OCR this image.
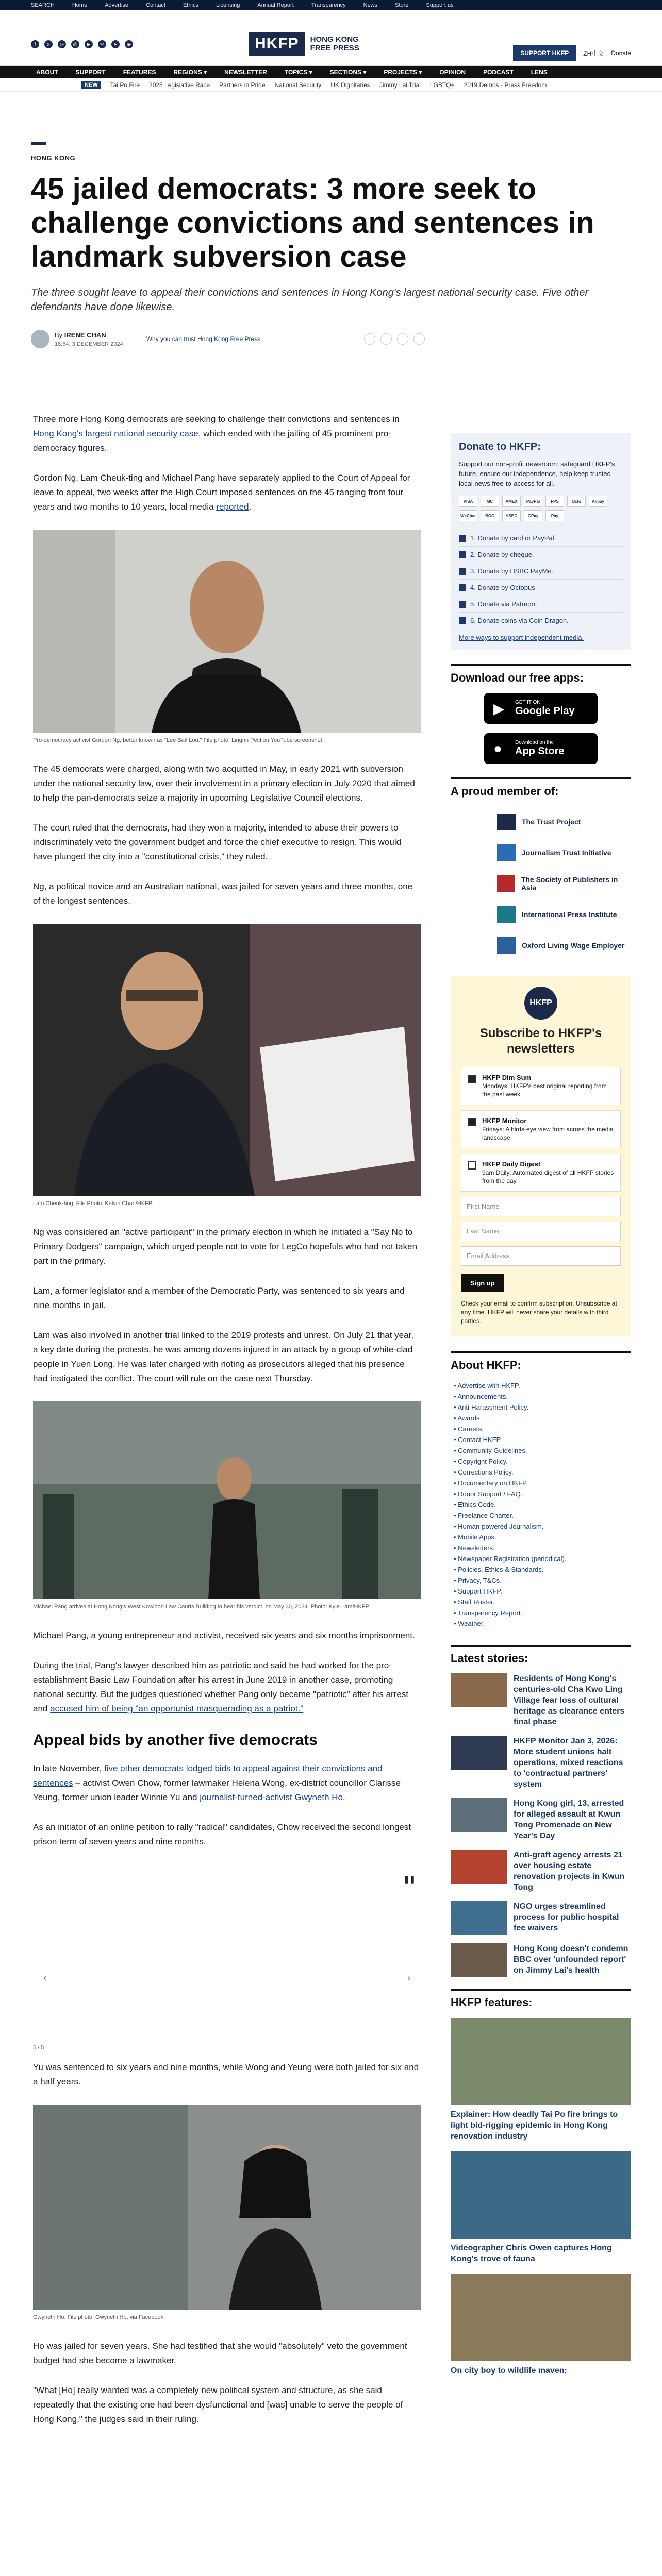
SEARCH	Home	Advertise	Contact	Ethics	Licensing	Annual Report	Transparency	News	Store	Support us
f	x	◎	@	▶	✉	➤	◉	HKFP	HONG KONG
FREE PRESS
SUPPORT HKFP	ZH中文 Donate
ABOUT	SUPPORT	FEATURES	REGIONS ▾	NEWSLETTER	TOPICS ▾	SECTIONS ▾	PROJECTS ▾	OPINION	PODCAST	LENS
NEW	Tai Po Fire 2025 Legislative Race Partners in Pride National Security UK Dignitaries Jimmy Lai Trial LGBTQ+ 2019 Demos - Press Freedom
HONG KONG
45 jailed democrats: 3 more seek to challenge convictions and sentences in landmark subversion case
The three sought leave to appeal their convictions and sentences in Hong Kong's largest national security case. Five other defendants have done likewise.
By IRENE CHAN
18:54, 3 DECEMBER 2024
Why you can trust Hong Kong Free Press

Three more Hong Kong democrats are seeking to challenge their convictions and sentences in Hong Kong's largest national security case, which ended with the jailing of 45 prominent pro-democracy figures.

Gordon Ng, Lam Cheuk-ting and Michael Pang have separately applied to the Court of Appeal for leave to appeal, two weeks after the High Court imposed sentences on the 45 ranging from four years and two months to 10 years, local media reported.

Pro-democracy activist Gordon Ng, better known as "Lee Bak Lou." File photo: Lingnn Petition YouTube screenshot.

The 45 democrats were charged, along with two acquitted in May, in early 2021 with subversion under the national security law, over their involvement in a primary election in July 2020 that aimed to help the pan-democrats seize a majority in upcoming Legislative Council elections.

The court ruled that the democrats, had they won a majority, intended to abuse their powers to indiscriminately veto the government budget and force the chief executive to resign. This would have plunged the city into a "constitutional crisis," they ruled.

Ng, a political novice and an Australian national, was jailed for seven years and three months, one of the longest sentences.

Lam Cheuk-ting. File Photo: Kelvin Chan/HKFP.

Ng was considered an "active participant" in the primary election in which he initiated a "Say No to Primary Dodgers" campaign, which urged people not to vote for LegCo hopefuls who had not taken part in the primary.

Lam, a former legislator and a member of the Democratic Party, was sentenced to six years and nine months in jail.

Lam was also involved in another trial linked to the 2019 protests and unrest. On July 21 that year, a key date during the protests, he was among dozens injured in an attack by a group of white-clad people in Yuen Long. He was later charged with rioting as prosecutors alleged that his presence had instigated the conflict. The court will rule on the case next Thursday.

Michael Pang arrives at Hong Kong's West Kowloon Law Courts Building to hear his verdict, on May 30, 2024. Photo: Kyle Lam/HKFP.

Michael Pang, a young entrepreneur and activist, received six years and six months imprisonment.

During the trial, Pang's lawyer described him as patriotic and said he had worked for the pro-establishment Basic Law Foundation after his arrest in June 2019 in another case, promoting national security. But the judges questioned whether Pang only became "patriotic" after his arrest and accused him of being "an opportunist masquerading as a patriot."

Appeal bids by another five democrats

In late November, five other democrats lodged bids to appeal against their convictions and sentences – activist Owen Chow, former lawmaker Helena Wong, ex-district councillor Clarisse Yeung, former union leader Winnie Yu and journalist-turned-activist Gwyneth Ho.

As an initiator of an online petition to rally "radical" candidates, Chow received the second longest prison term of seven years and nine months.

❚❚
‹	›
5 / 5

Yu was sentenced to six years and nine months, while Wong and Yeung were both jailed for six and a half years.

Gwyneth Ho. File photo: Gwyneth Ho, via Facebook.

Ho was jailed for seven years. She had testified that she would "absolutely" veto the government budget had she become a lawmaker.

"What [Ho] really wanted was a completely new political system and structure, as she said repeatedly that the existing one had been dysfunctional and [was] unable to serve the people of Hong Kong," the judges said in their ruling.

Donate to HKFP:
Support our non-profit newsroom: safeguard HKFP's future, ensure our independence, help keep trusted local news free-to-access for all.
VISA	MC	AMEX	PayPal	FPS	Octo	Alipay
WeChat	BOC	HSBC	GPay	Pay
1. Donate by card or PayPal.
2. Donate by cheque.
3. Donate by HSBC PayMe.
4. Donate by Octopus.
5. Donate via Patreon.
6. Donate coins via Coin Dragon.
More ways to support independent media.
Download our free apps:
▶ GET IT ON
Google Play
●	Download on the
App Store
A proud member of:
The Trust Project
Journalism Trust Initiative
The Society of Publishers in Asia
International Press Institute
Oxford Living Wage Employer
HKFP
Subscribe to HKFP's newsletters
HKFP Dim Sum
Mondays: HKFP's best original reporting from the past week.
HKFP Monitor
Fridays: A birds-eye view from across the media landscape.
HKFP Daily Digest
9am Daily: Automated digest of all HKFP stories from the day.
First Name
Last Name
Email Address
Sign up
Check your email to confirm subscription. Unsubscribe at any time. HKFP will never share your details with third parties.
About HKFP:
• Advertise with HKFP.
• Announcements.
• Anti-Harassment Policy.
• Awards.
• Careers.
• Contact HKFP.
• Community Guidelines.
• Copyright Policy.
• Corrections Policy.
• Documentary on HKFP.
• Donor Support / FAQ.
• Ethics Code.
• Freelance Charter.
• Human-powered Journalism.
• Mobile Apps.
• Newsletters.
• Newspaper Registration (periodical).
• Policies, Ethics & Standards.
• Privacy, T&Cs.
• Support HKFP.
• Staff Roster.
• Transparency Report.
• Weather.
Latest stories:
Residents of Hong Kong's centuries-old Cha Kwo Ling Village fear loss of cultural heritage as clearance enters final phase
HKFP Monitor Jan 3, 2026: More student unions halt operations, mixed reactions to 'contractual partners' system
Hong Kong girl, 13, arrested for alleged assault at Kwun Tong Promenade on New Year's Day
Anti-graft agency arrests 21 over housing estate renovation projects in Kwun Tong
NGO urges streamlined process for public hospital fee waivers
Hong Kong doesn't condemn BBC over 'unfounded report' on Jimmy Lai's health
HKFP features:
Explainer: How deadly Tai Po fire brings to light bid-rigging epidemic in Hong Kong renovation industry
Videographer Chris Owen captures Hong Kong's trove of fauna
On city boy to wildlife maven:
